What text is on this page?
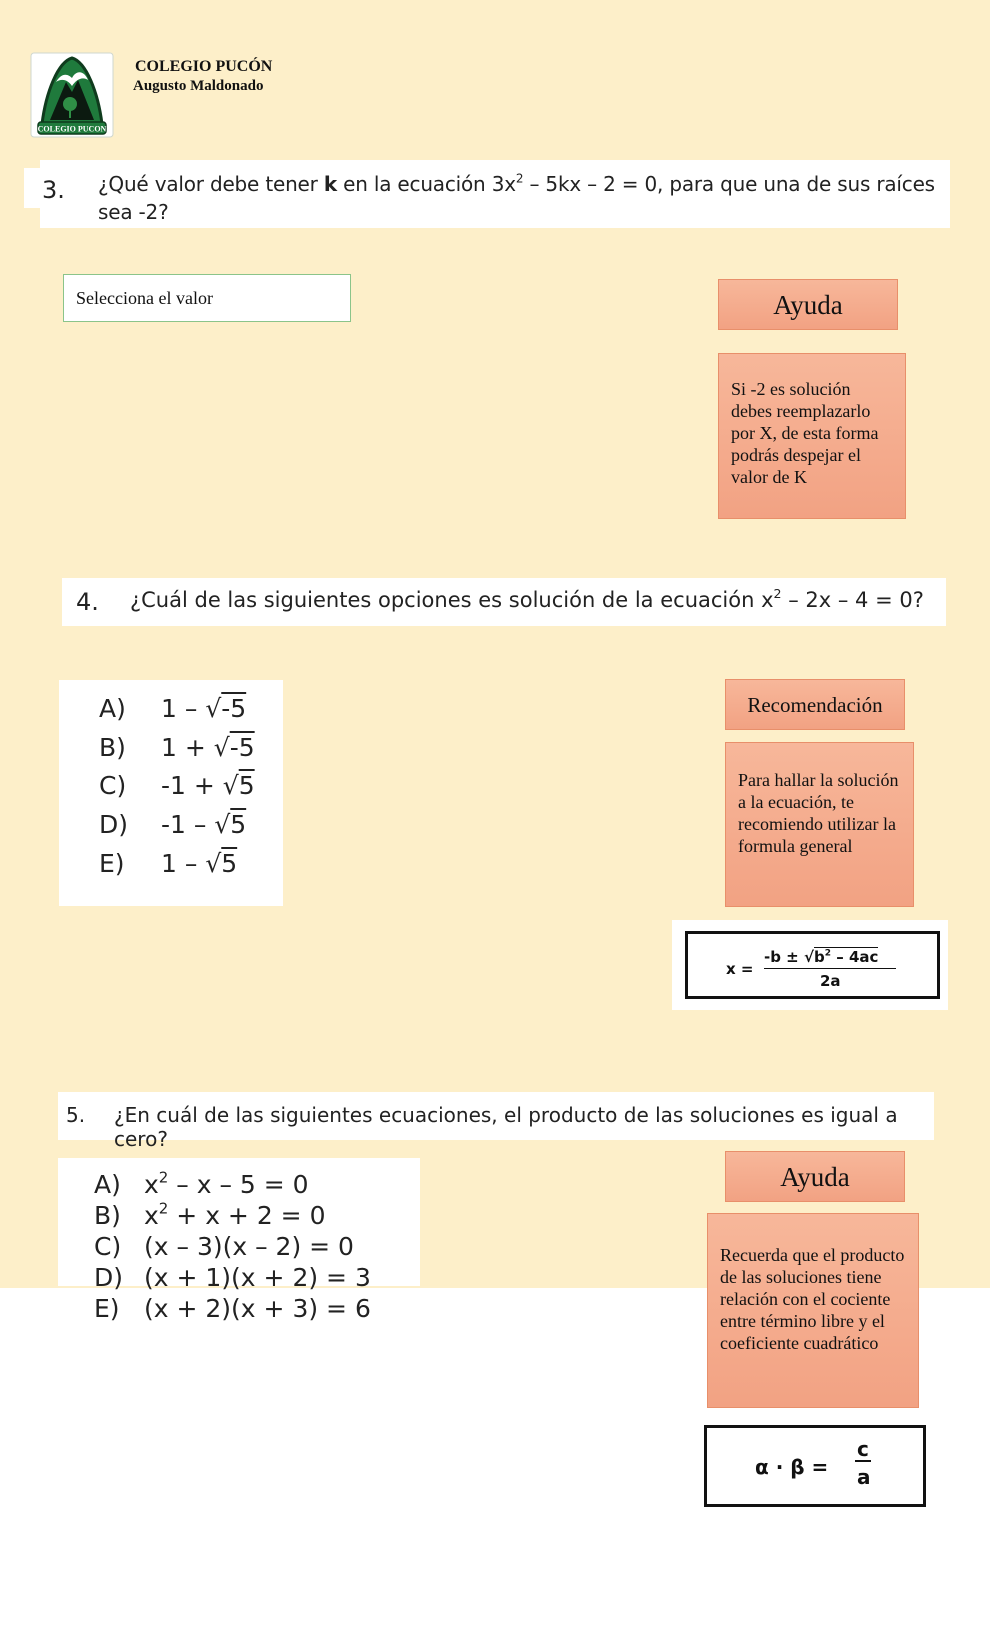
COLEGIO PUCON
COLEGIO PUCÓN
Augusto Maldonado
3. ¿Qué valor debe tener k en la ecuación $3x^2 - 5kx - 2 = 0$, para que una de sus raíces sea -2?
Selecciona el valor	Ayuda
Si -2 es solución debes reemplazarlo por X, de esta forma podrás despejar el valor de K
4. ¿Cuál de las siguientes opciones es solución de la ecuación $x^2 - 2x - 4 = 0$?
A) 1 – √-5
B) 1 + √-5
C) -1 + √5
D) -1 – √5
E) 1 – √5
Recomendación
Para hallar la solución a la ecuación, te recomiendo utilizar la formula general
x =
$-b \pm √b^2 - 4ac$
2a
5. ¿En cuál de las siguientes ecuaciones, el producto de las soluciones es igual a cero?
A) $x^2 - x - 5 = 0$
B) $x^2 + x + 2 = 0$
C) (x – 3)(x – 2) = 0
D) (x + 1)(x + 2) = 3
E) (x + 2)(x + 3) = 6
Ayuda
Recuerda que el producto de las soluciones tiene relación con el cociente entre término libre y el coeficiente cuadrático
α · β =
c
a
